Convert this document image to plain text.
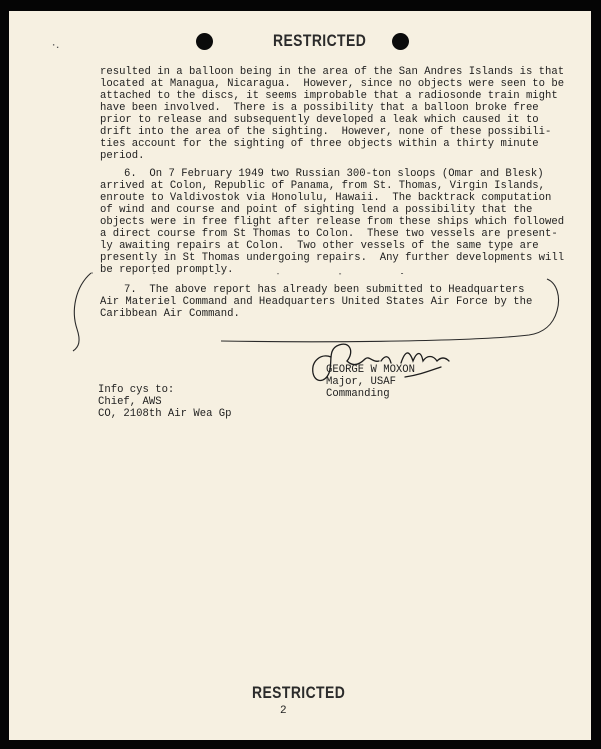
RESTRICTED
⠈⠂
resulted in a balloon being in the area of the San Andres Islands is that
located at Managua, Nicaragua.  However, since no objects were seen to be
attached to the discs, it seems improbable that a radiosonde train might
have been involved.  There is a possibility that a balloon broke free
prior to release and subsequently developed a leak which caused it to
drift into the area of the sighting.  However, none of these possibili-
ties account for the sighting of three objects within a thirty minute
period.
6.  On 7 February 1949 two Russian 300-ton sloops (Omar and Blesk)
arrived at Colon, Republic of Panama, from St. Thomas, Virgin Islands,
enroute to Valdivostok via Honolulu, Hawaii.  The backtrack computation
of wind and course and point of sighting lend a possibility that the
objects were in free flight after release from these ships which followed
a direct course from St Thomas to Colon.  These two vessels are present-
ly awaiting repairs at Colon.  Two other vessels of the same type are
presently in St Thomas undergoing repairs.  Any further developments will
be reported promptly.
7.  The above report has already been submitted to Headquarters
Air Materiel Command and Headquarters United States Air Force by the
Caribbean Air Command.
GEORGE W MOXON
Major, USAF
Commanding
Info cys to:
Chief, AWS
CO, 2108th Air Wea Gp
RESTRICTED
2
